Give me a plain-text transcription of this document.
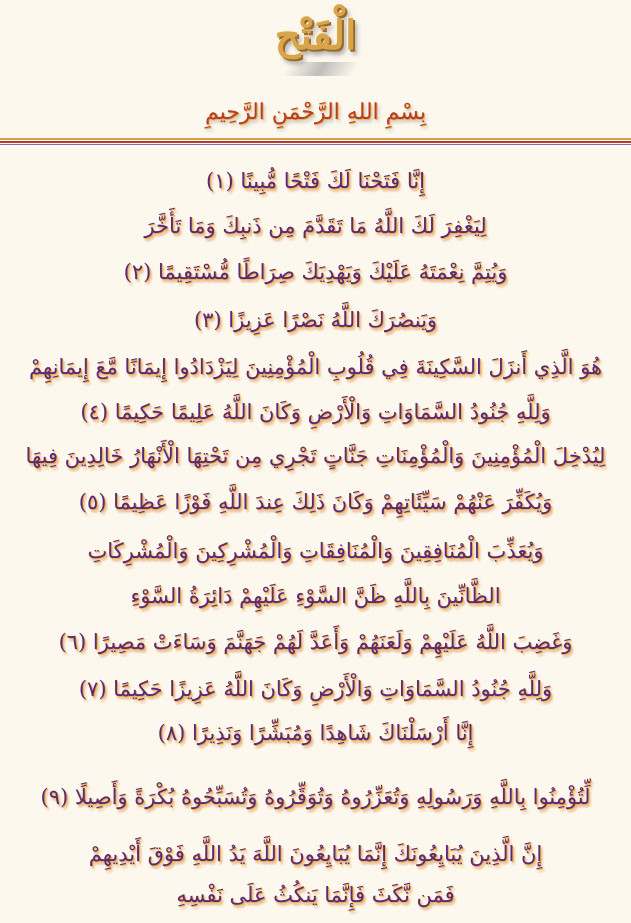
الْفَتْح
بِسْمِ اللهِ الرَّحْمَنِ الرَّحِيمِ
إِنَّا فَتَحْنَا لَكَ فَتْحًا مُّبِينًا (١)
لِيَغْفِرَ لَكَ اللَّهُ مَا تَقَدَّمَ مِن ذَنبِكَ وَمَا تَأَخَّرَ
وَيُتِمَّ نِعْمَتَهُ عَلَيْكَ وَيَهْدِيَكَ صِرَاطًا مُّسْتَقِيمًا (٢)
وَيَنصُرَكَ اللَّهُ نَصْرًا عَزِيزًا (٣)
هُوَ الَّذِي أَنزَلَ السَّكِينَةَ فِي قُلُوبِ الْمُؤْمِنِينَ لِيَزْدَادُوا إِيمَانًا مَّعَ إِيمَانِهِمْ
وَلِلَّهِ جُنُودُ السَّمَاوَاتِ وَالْأَرْضِ وَكَانَ اللَّهُ عَلِيمًا حَكِيمًا (٤)
لِيُدْخِلَ الْمُؤْمِنِينَ وَالْمُؤْمِنَاتِ جَنَّاتٍ تَجْرِي مِن تَحْتِهَا الْأَنْهَارُ خَالِدِينَ فِيهَا
وَيُكَفِّرَ عَنْهُمْ سَيِّئَاتِهِمْ وَكَانَ ذَلِكَ عِندَ اللَّهِ فَوْزًا عَظِيمًا (٥)
وَيُعَذِّبَ الْمُنَافِقِينَ وَالْمُنَافِقَاتِ وَالْمُشْرِكِينَ وَالْمُشْرِكَاتِ
الظَّانِّينَ بِاللَّهِ ظَنَّ السَّوْءِ عَلَيْهِمْ دَائِرَةُ السَّوْءِ
وَغَضِبَ اللَّهُ عَلَيْهِمْ وَلَعَنَهُمْ وَأَعَدَّ لَهُمْ جَهَنَّمَ وَسَاءَتْ مَصِيرًا (٦)
وَلِلَّهِ جُنُودُ السَّمَاوَاتِ وَالْأَرْضِ وَكَانَ اللَّهُ عَزِيزًا حَكِيمًا (٧)
إِنَّا أَرْسَلْنَاكَ شَاهِدًا وَمُبَشِّرًا وَنَذِيرًا (٨)
لِّتُؤْمِنُوا بِاللَّهِ وَرَسُولِهِ وَتُعَزِّرُوهُ وَتُوَقِّرُوهُ وَتُسَبِّحُوهُ بُكْرَةً وَأَصِيلًا (٩)
إِنَّ الَّذِينَ يُبَايِعُونَكَ إِنَّمَا يُبَايِعُونَ اللَّهَ يَدُ اللَّهِ فَوْقَ أَيْدِيهِمْ
فَمَن نَّكَثَ فَإِنَّمَا يَنكُثُ عَلَى نَفْسِهِ
